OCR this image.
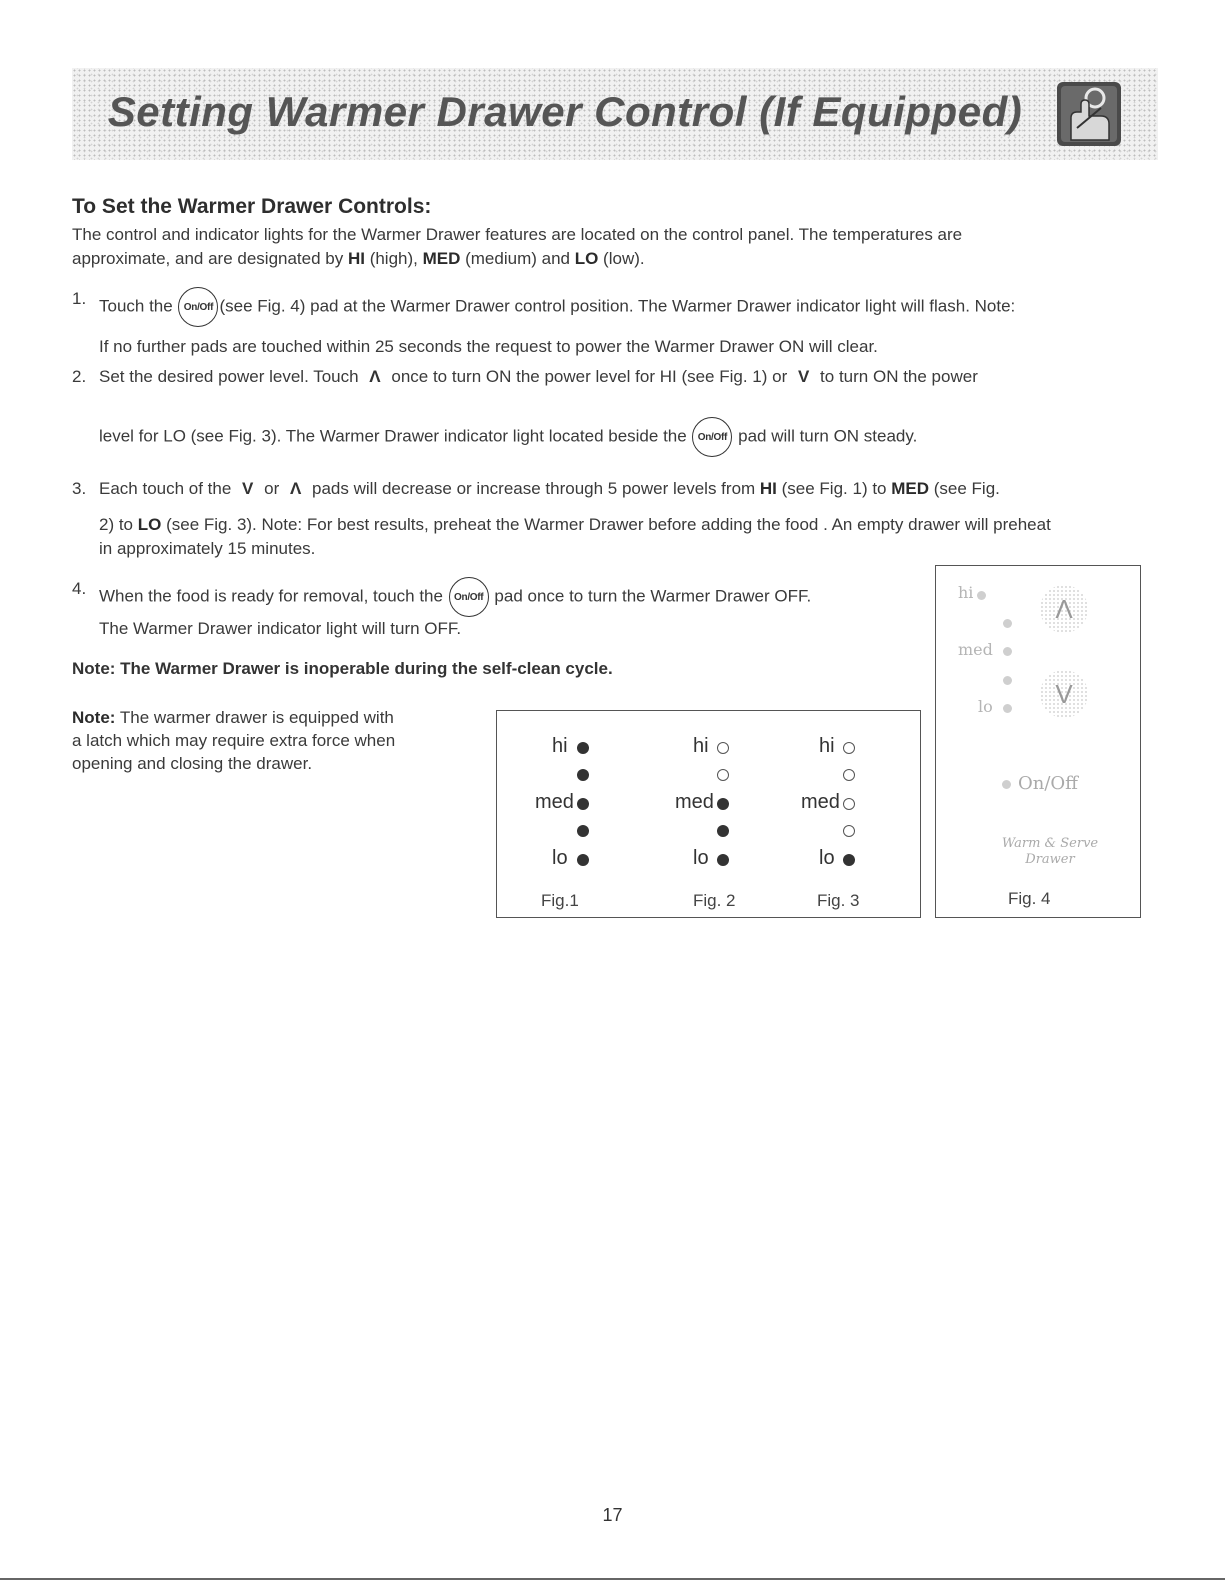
Setting Warmer Drawer Control (If Equipped)
To Set the Warmer Drawer Controls:

The control and indicator lights for the Warmer Drawer features are located on the control panel. The temperatures are
approximate, and are designated by HI (high), MED (medium) and LO (low).

1. Touch the On/Off (see Fig. 4) pad at the Warmer Drawer control position. The Warmer Drawer indicator light will flash. Note:

If no further pads are touched within 25 seconds the request to power the Warmer Drawer ON will clear.
2. Set the desired power level. Touch Λ once to turn ON the power level for HI (see Fig. 1) or V to turn ON the power
level for LO (see Fig. 3). The Warmer Drawer indicator light located beside the On/Off pad will turn ON steady.
3. Each touch of the V or Λ pads will decrease or increase through 5 power levels from HI (see Fig. 1) to MED (see Fig.
2) to LO (see Fig. 3). Note: For best results, preheat the Warmer Drawer before adding the food . An empty drawer will preheat
in approximately 15 minutes.
4. When the food is ready for removal, touch the On/Off pad once to turn the Warmer Drawer OFF.
The Warmer Drawer indicator light will turn OFF.

Note: The Warmer Drawer is inoperable during the self-clean cycle.

Note: The warmer drawer is equipped with
a latch which may require extra force when
opening and closing the drawer.

hi
med
lo
Fig.1
hi
med
lo
Fig. 2
hi
med
lo
Fig. 3
hi
med
lo
Λ
V
On/Off
Warm & Serve
Drawer
Fig. 4
17
